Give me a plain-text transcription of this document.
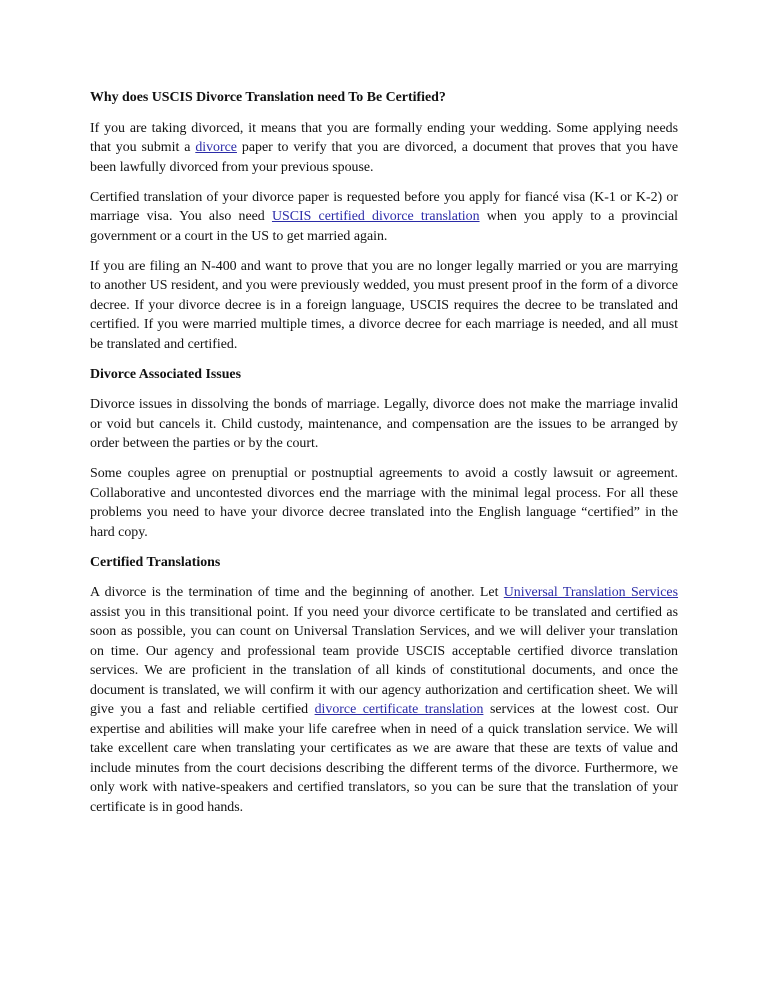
Why does USCIS Divorce Translation need To Be Certified?

If you are taking divorced, it means that you are formally ending your wedding. Some applying needs that you submit a divorce paper to verify that you are divorced, a document that proves that you have been lawfully divorced from your previous spouse.

Certified translation of your divorce paper is requested before you apply for fiancé visa (K-1 or K-2) or marriage visa. You also need USCIS certified divorce translation when you apply to a provincial government or a court in the US to get married again.

If you are filing an N-400 and want to prove that you are no longer legally married or you are marrying to another US resident, and you were previously wedded, you must present proof in the form of a divorce decree. If your divorce decree is in a foreign language, USCIS requires the decree to be translated and certified. If you were married multiple times, a divorce decree for each marriage is needed, and all must be translated and certified.

Divorce Associated Issues

Divorce issues in dissolving the bonds of marriage. Legally, divorce does not make the marriage invalid or void but cancels it. Child custody, maintenance, and compensation are the issues to be arranged by order between the parties or by the court.

Some couples agree on prenuptial or postnuptial agreements to avoid a costly lawsuit or agreement. Collaborative and uncontested divorces end the marriage with the minimal legal process. For all these problems you need to have your divorce decree translated into the English language “certified” in the hard copy.

Certified Translations

A divorce is the termination of time and the beginning of another. Let Universal Translation Services assist you in this transitional point. If you need your divorce certificate to be translated and certified as soon as possible, you can count on Universal Translation Services, and we will deliver your translation on time. Our agency and professional team provide USCIS acceptable certified divorce translation services. We are proficient in the translation of all kinds of constitutional documents, and once the document is translated, we will confirm it with our agency authorization and certification sheet. We will give you a fast and reliable certified divorce certificate translation services at the lowest cost. Our expertise and abilities will make your life carefree when in need of a quick translation service. We will take excellent care when translating your certificates as we are aware that these are texts of value and include minutes from the court decisions describing the different terms of the divorce. Furthermore, we only work with native-speakers and certified translators, so you can be sure that the translation of your certificate is in good hands.
